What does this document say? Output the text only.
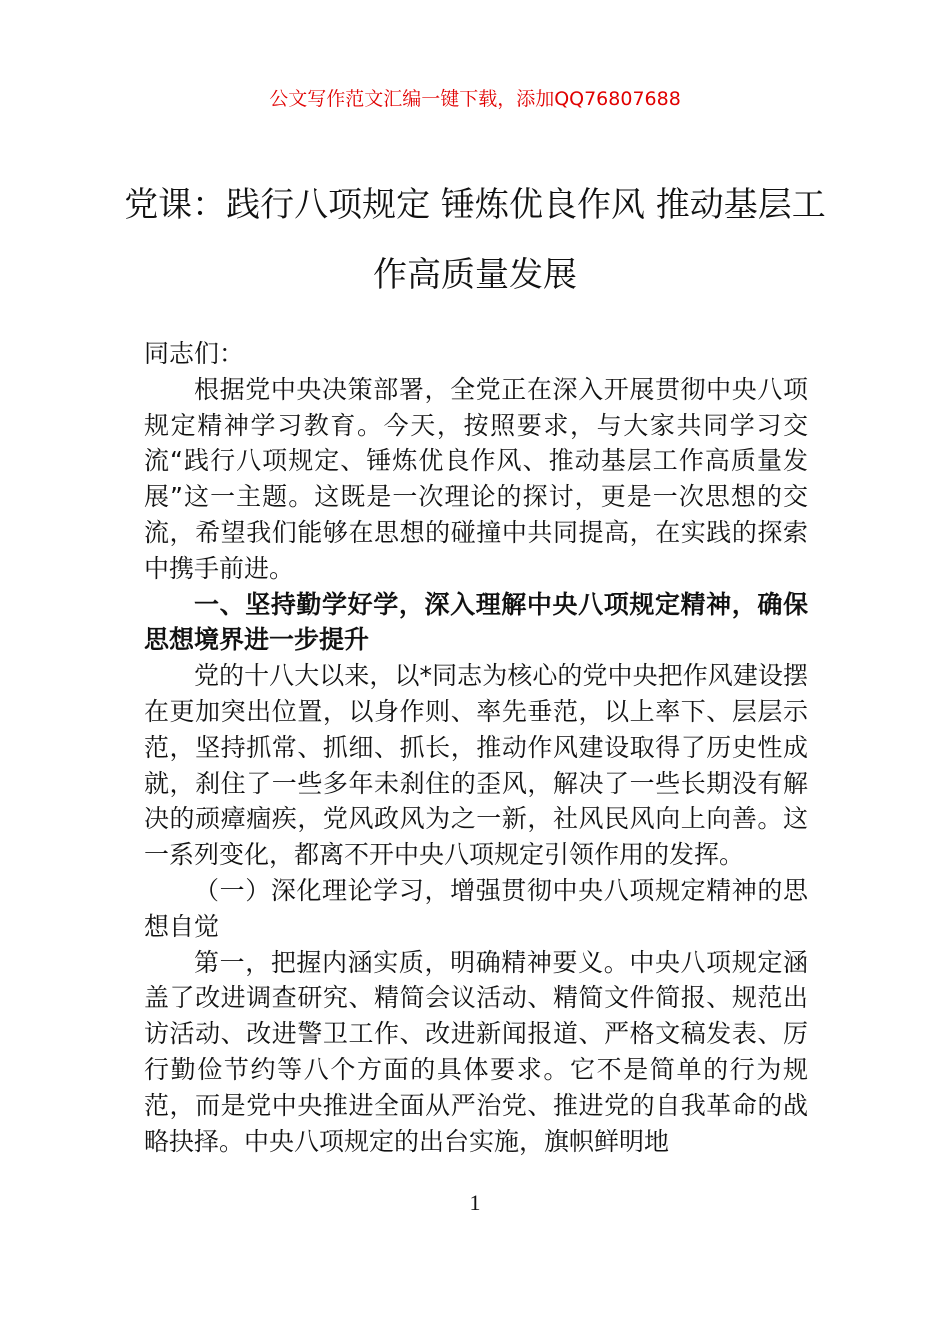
公文写作范文汇编一键下载，添加QQ76807688
党课：践行八项规定 锤炼优良作风 推动基层工作高质量发展

同志们：

根据党中央决策部署，全党正在深入开展贯彻中央八项规定精神学习教育。今天，按照要求，与大家共同学习交流“践行八项规定、锤炼优良作风、推动基层工作高质量发展”这一主题。这既是一次理论的探讨，更是一次思想的交流，希望我们能够在思想的碰撞中共同提高，在实践的探索中携手前进。

一、坚持勤学好学，深入理解中央八项规定精神，确保思想境界进一步提升

党的十八大以来，以*同志为核心的党中央把作风建设摆在更加突出位置，以身作则、率先垂范，以上率下、层层示范，坚持抓常、抓细、抓长，推动作风建设取得了历史性成就，刹住了一些多年未刹住的歪风，解决了一些长期没有解决的顽瘴痼疾，党风政风为之一新，社风民风向上向善。这一系列变化，都离不开中央八项规定引领作用的发挥。

（一）深化理论学习，增强贯彻中央八项规定精神的思想自觉

第一，把握内涵实质，明确精神要义。中央八项规定涵盖了改进调查研究、精简会议活动、精简文件简报、规范出访活动、改进警卫工作、改进新闻报道、严格文稿发表、厉行勤俭节约等八个方面的具体要求。它不是简单的行为规范，而是党中央推进全面从严治党、推进党的自我革命的战略抉择。中央八项规定的出台实施，旗帜鲜明地

1
